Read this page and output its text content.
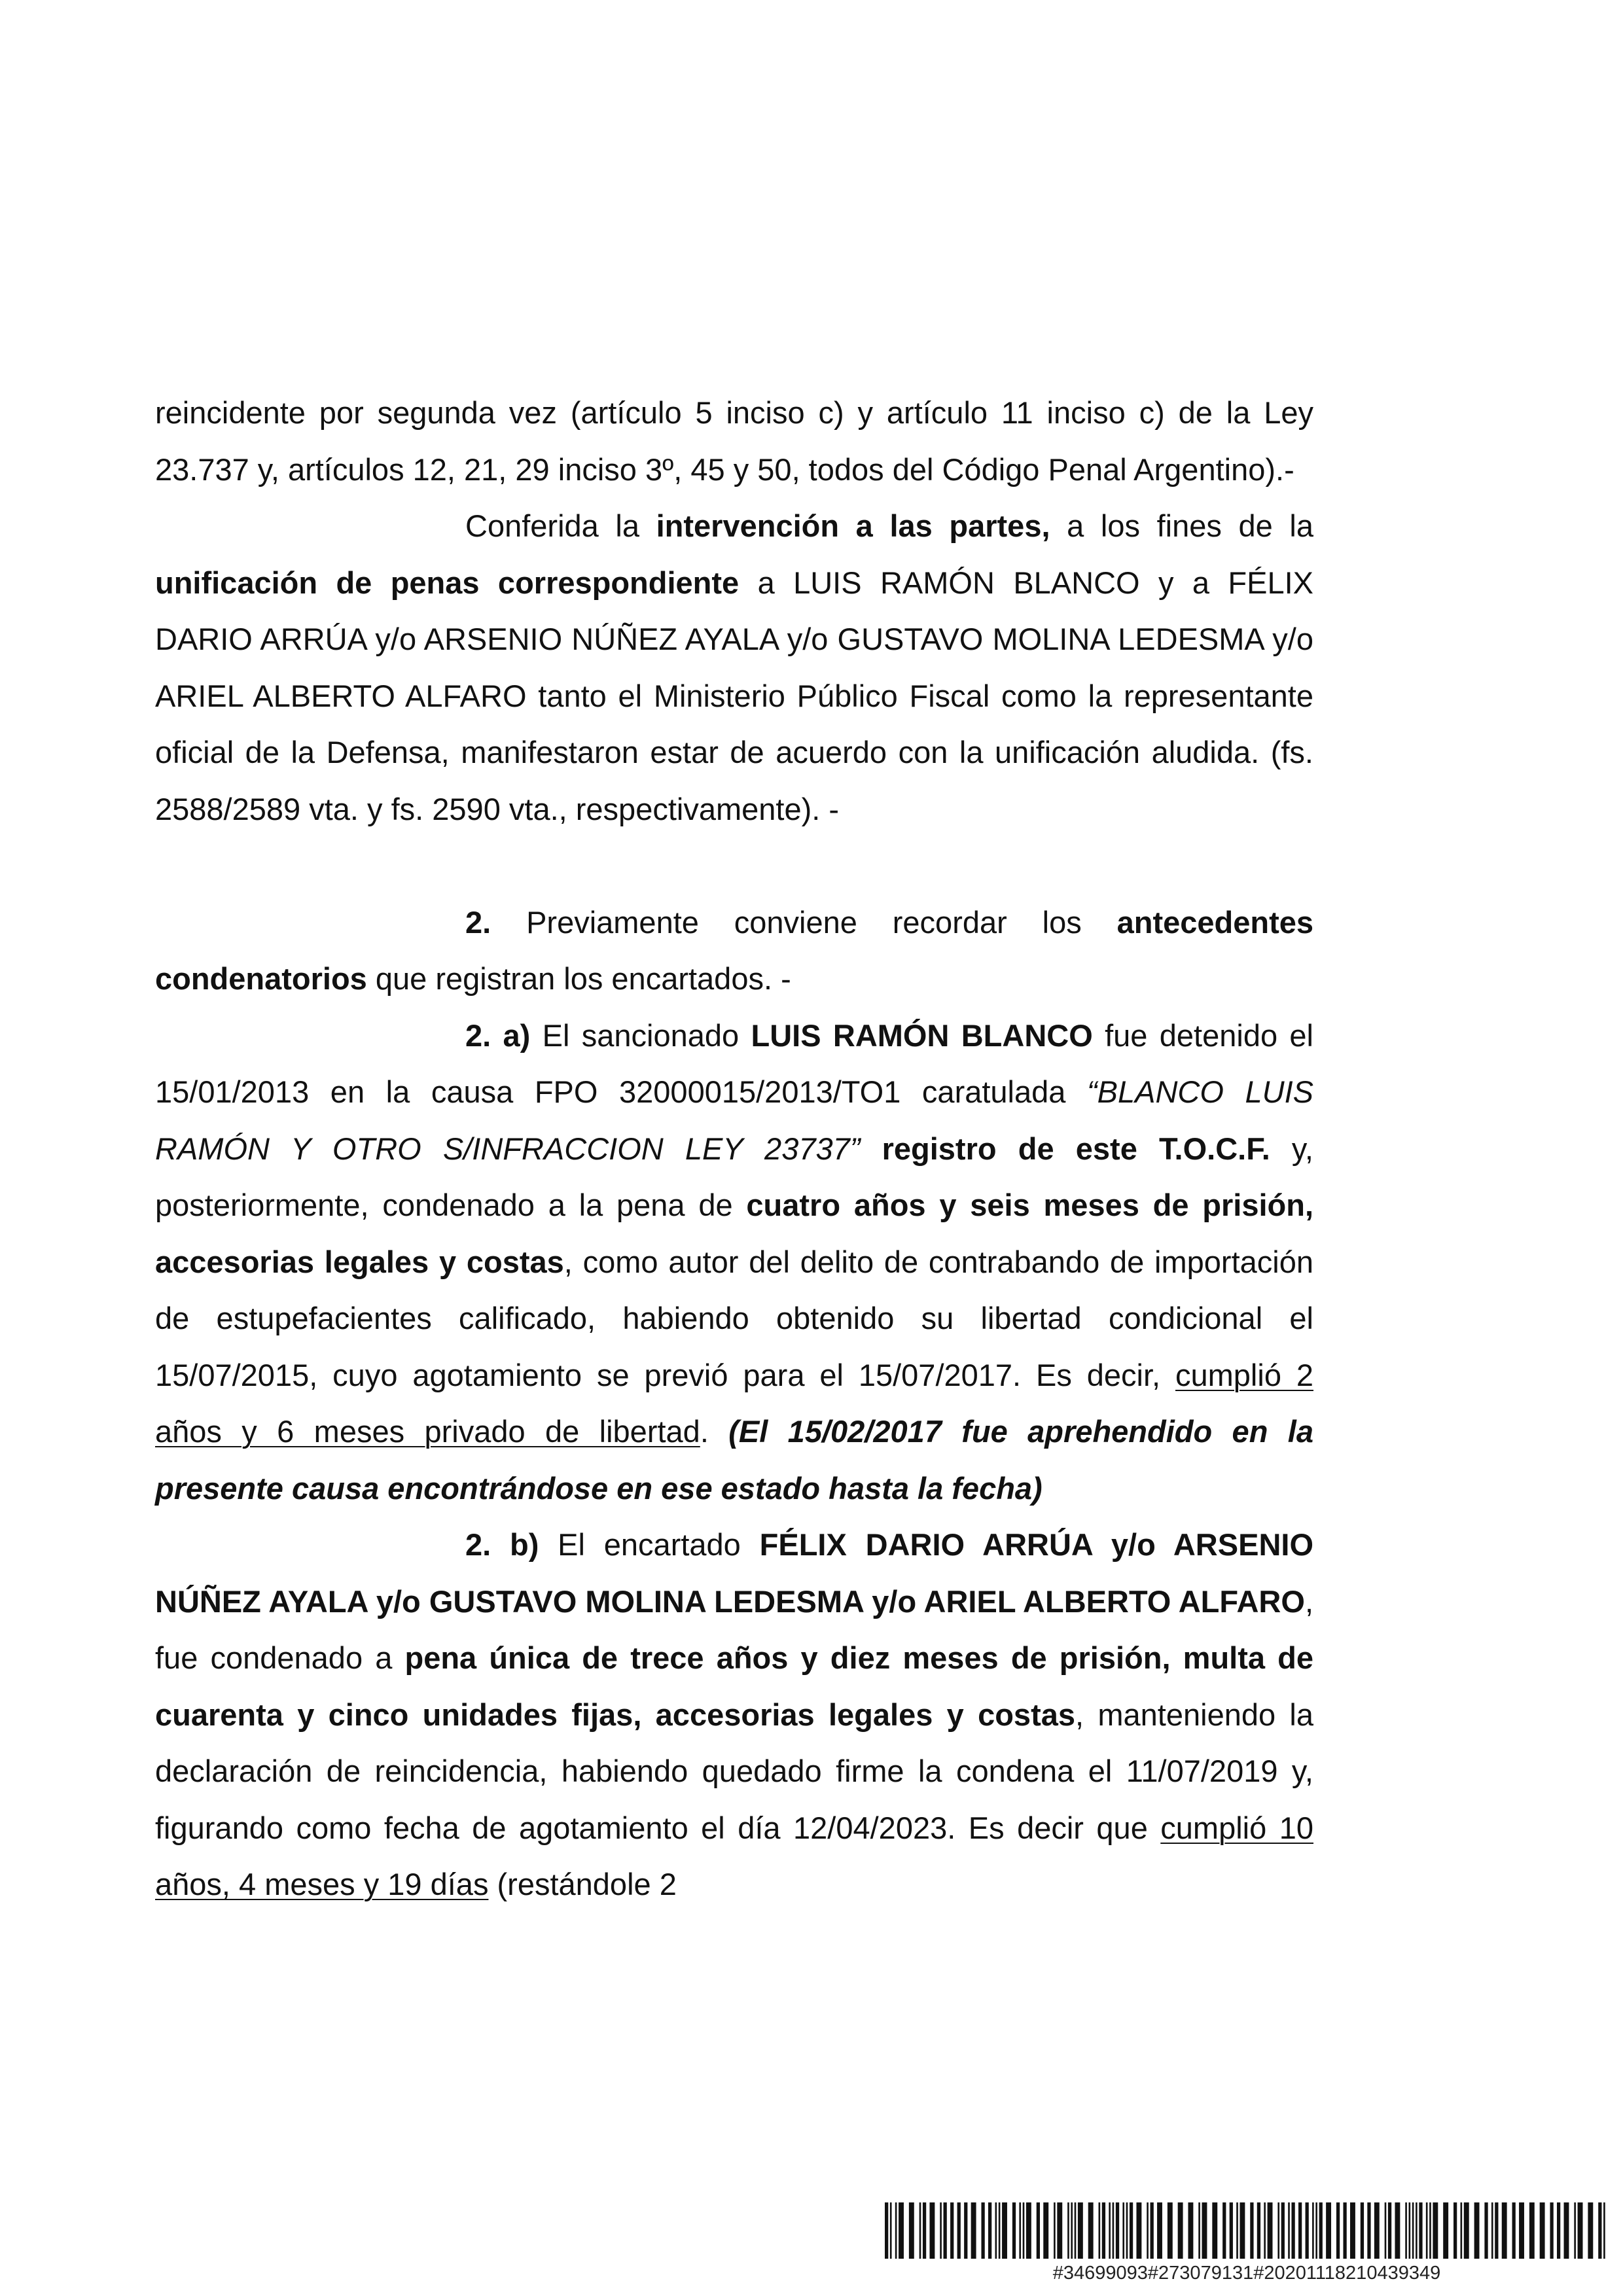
reincidente por segunda vez (artículo 5 inciso c) y artículo 11 inciso c) de la Ley 23.737 y, artículos 12, 21, 29 inciso 3º, 45 y 50, todos del Código Penal Argentino).-

Conferida la intervención a las partes, a los fines de la unificación de penas correspondiente a LUIS RAMÓN BLANCO y a FÉLIX DARIO ARRÚA y/o ARSENIO NÚÑEZ AYALA y/o GUSTAVO MOLINA LEDESMA y/o ARIEL ALBERTO ALFARO tanto el Ministerio Público Fiscal como la representante oficial de la Defensa, manifestaron estar de acuerdo con la unificación aludida. (fs. 2588/2589 vta. y fs. 2590 vta., respectivamente). -

2. Previamente conviene recordar los antecedentes condenatorios que registran los encartados. -

2. a) El sancionado LUIS RAMÓN BLANCO fue detenido el 15/01/2013 en la causa FPO 32000015/2013/TO1 caratulada “BLANCO LUIS RAMÓN Y OTRO S/INFRACCION LEY 23737” registro de este T.O.C.F. y, posteriormente, condenado a la pena de cuatro años y seis meses de prisión, accesorias legales y costas, como autor del delito de contrabando de importación de estupefacientes calificado, habiendo obtenido su libertad condicional el 15/07/2015, cuyo agotamiento se previó para el 15/07/2017. Es decir, cumplió 2 años y 6 meses privado de libertad. (El 15/02/2017 fue aprehendido en la presente causa encontrándose en ese estado hasta la fecha)

2. b) El encartado FÉLIX DARIO ARRÚA y/o ARSENIO NÚÑEZ AYALA y/o GUSTAVO MOLINA LEDESMA y/o ARIEL ALBERTO ALFARO, fue condenado a pena única de trece años y diez meses de prisión, multa de cuarenta y cinco unidades fijas, accesorias legales y costas, manteniendo la declaración de reincidencia, habiendo quedado firme la condena el 11/07/2019 y, figurando como fecha de agotamiento el día 12/04/2023. Es decir que cumplió 10 años, 4 meses y 19 días (restándole 2

#34699093#273079131#20201118210439349
